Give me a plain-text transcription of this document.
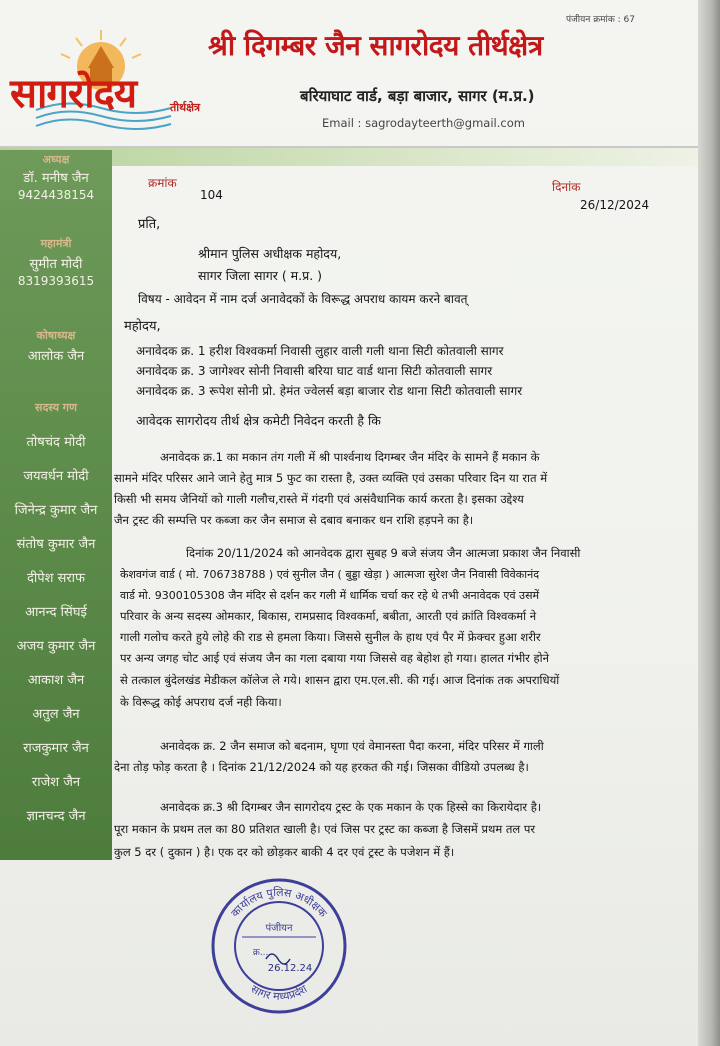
पंजीयन क्रमांक : 67
सागरोदय	तीर्थक्षेत्र
श्री दिगम्बर जैन सागरोदय तीर्थक्षेत्र
बरियाघाट वार्ड, बड़ा बाजार, सागर (म.प्र.)
Email : sagrodayteerth@gmail.com
अध्यक्ष
डॉ. मनीष जैन
9424438154
महामंत्री
सुमीत मोदी
8319393615
कोषाध्यक्ष
आलोक जैन
सदस्य गण
तोषचंद मोदी
जयवर्धन मोदी
जिनेन्द्र कुमार जैन
संतोष कुमार जैन
दीपेश सराफ
आनन्द सिंघई
अजय कुमार जैन
आकाश जैन
अतुल जैन
राजकुमार जैन
राजेश जैन
ज्ञानचन्द जैन
क्रमांक
104
दिनांक
26/12/2024
प्रति,
श्रीमान पुलिस अधीक्षक महोदय,
सागर जिला सागर ( म.प्र. )
विषय - आवेदन में नाम दर्ज अनावेदकों के विरूद्ध अपराध कायम करने बावत्
महोदय,
अनावेदक क्र. 1 हरीश विश्वकर्मा निवासी लुहार वाली गली थाना सिटी कोतवाली सागर
अनावेदक क्र. 3 जागेश्वर सोनी निवासी बरिया घाट वार्ड थाना सिटी कोतवाली सागर
अनावेदक क्र. 3 रूपेश सोनी प्रो. हेमंत ज्वेलर्स बड़ा बाजार रोड थाना सिटी कोतवाली सागर
आवेदक सागरोदय तीर्थ क्षेत्र कमेटी निवेदन करती है कि
अनावेदक क्र.1 का मकान तंग गली में श्री पार्श्वनाथ दिगम्बर जैन मंदिर के सामने हैं मकान के
सामने मंदिर परिसर आने जाने हेतु मात्र 5 फुट का रास्ता है, उक्त व्यक्ति एवं उसका परिवार दिन या रात में
किसी भी समय जैनियों को गाली गलौच,रास्ते में गंदगी एवं असंवैधानिक कार्य करता है। इसका उद्देश्य
जैन ट्रस्ट की सम्पत्ति पर कब्जा कर जैन समाज से दबाव बनाकर धन राशि हड़पने का है।
दिनांक 20/11/2024 को आनवेदक द्वारा सुबह 9 बजे संजय जैन आत्मजा प्रकाश जैन निवासी
केशवगंज वार्ड ( मो. 706738788 ) एवं सुनील जैन ( बुड्डा खेड़ा ) आत्मजा सुरेश जैन निवासी विवेकानंद
वार्ड मो. 9300105308 जैन मंदिर से दर्शन कर गली में धार्मिक चर्चा कर रहे थे तभी अनावेदक एवं उसमें
परिवार के अन्य सदस्य ओमकार, बिकास, रामप्रसाद विश्वकर्मा, बबीता, आरती एवं क्रांति विश्वकर्मा ने
गाली गलोच करते हुये लोहे की राड से हमला किया। जिससे सुनील के हाथ एवं पैर में फ्रेक्चर हुआ शरीर
पर अन्य जगह चोट आई एवं संजय जैन का गला दबाया गया जिससे वह बेहोश हो गया। हालत गंभीर होने
से तत्काल बुंदेलखंड मेडीकल कॉलेज ले गये। शासन द्वारा एम.एल.सी. की गई। आज दिनांक तक अपराधियों
के विरूद्ध कोई अपराध दर्ज नही किया।
अनावेदक क्र. 2 जैन समाज को बदनाम, घृणा एवं वेमानस्ता पैदा करना, मंदिर परिसर में गाली
देना तोड़ फोड़ करता है । दिनांक 21/12/2024 को यह हरकत की गई। जिसका वीडियो उपलब्ध है।
अनावेदक क्र.3 श्री दिगम्बर जैन सागरोदय ट्रस्ट के एक मकान के एक हिस्से का किरायेदार है।
पूरा मकान के प्रथम तल का 80 प्रतिशत खाली है। एवं जिस पर ट्रस्ट का कब्जा है जिसमें प्रथम तल पर
कुल 5 दर ( दुकान ) है। एक दर को छोड़कर बाकी 4 दर एवं ट्रस्ट के पजेशन में हैं।
कार्यालय पुलिस अधीक्षक
सागर मध्यप्रदेश
पंजीयन
क्र....
26.12.24
